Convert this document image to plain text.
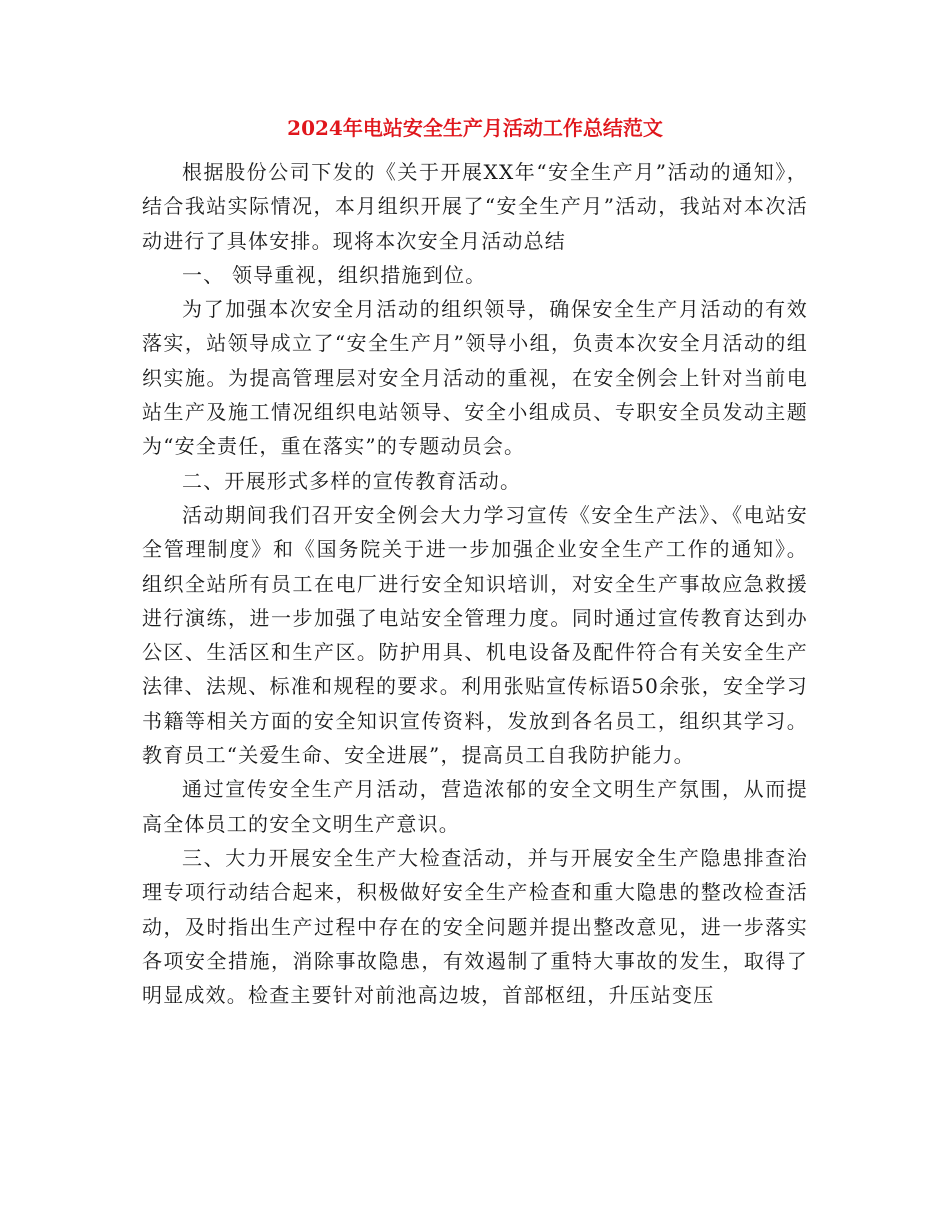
2024年电站安全生产月活动工作总结范文

根据股份公司下发的《关于开展XX年“安全生产月”活动的通知》，结合我站实际情况，本月组织开展了“安全生产月”活动，我站对本次活动进行了具体安排。现将本次安全月活动总结

一、 领导重视，组织措施到位。

为了加强本次安全月活动的组织领导，确保安全生产月活动的有效落实，站领导成立了“安全生产月”领导小组，负责本次安全月活动的组织实施。为提高管理层对安全月活动的重视，在安全例会上针对当前电站生产及施工情况组织电站领导、安全小组成员、专职安全员发动主题为“安全责任，重在落实”的专题动员会。

二、开展形式多样的宣传教育活动。

活动期间我们召开安全例会大力学习宣传《安全生产法》、《电站安全管理制度》和《国务院关于进一步加强企业安全生产工作的通知》。组织全站所有员工在电厂进行安全知识培训，对安全生产事故应急救援进行演练，进一步加强了电站安全管理力度。同时通过宣传教育达到办公区、生活区和生产区。防护用具、机电设备及配件符合有关安全生产法律、法规、标准和规程的要求。利用张贴宣传标语50余张，安全学习书籍等相关方面的安全知识宣传资料，发放到各名员工，组织其学习。教育员工“关爱生命、安全进展”，提高员工自我防护能力。

通过宣传安全生产月活动，营造浓郁的安全文明生产氛围，从而提高全体员工的安全文明生产意识。

三、大力开展安全生产大检查活动，并与开展安全生产隐患排查治理专项行动结合起来，积极做好安全生产检查和重大隐患的整改检查活动，及时指出生产过程中存在的安全问题并提出整改意见，进一步落实各项安全措施，消除事故隐患，有效遏制了重特大事故的发生，取得了明显成效。检查主要针对前池高边坡，首部枢纽，升压站变压
